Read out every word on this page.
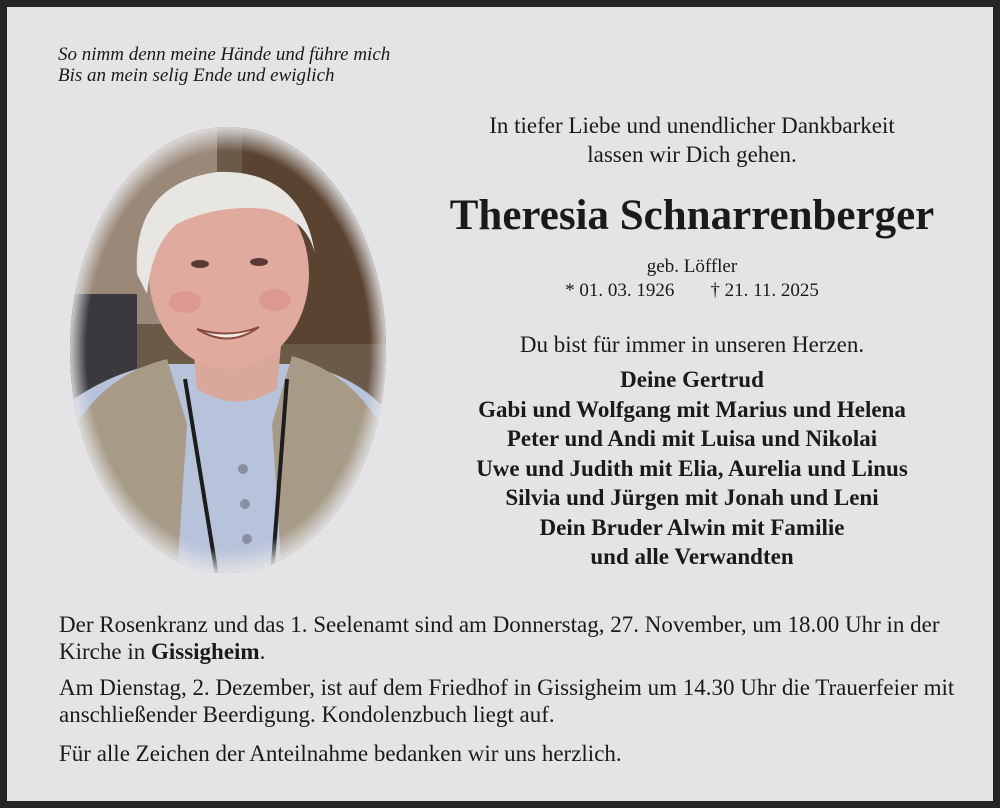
So nimm denn meine Hände und führe mich
Bis an mein selig Ende und ewiglich
In tiefer Liebe und unendlicher Dankbarkeit
lassen wir Dich gehen.
Theresia Schnarrenberger
geb. Löffler
* 01. 03. 1926 † 21. 11. 2025
Du bist für immer in unseren Herzen.
Deine Gertrud
Gabi und Wolfgang mit Marius und Helena
Peter und Andi mit Luisa und Nikolai
Uwe und Judith mit Elia, Aurelia und Linus
Silvia und Jürgen mit Jonah und Leni
Dein Bruder Alwin mit Familie
und alle Verwandten

Der Rosenkranz und das 1. Seelenamt sind am Donnerstag, 27. November, um 18.00 Uhr in der Kirche in Gissigheim.

Am Dienstag, 2. Dezember, ist auf dem Friedhof in Gissigheim um 14.30 Uhr die Trauerfeier mit anschließender Beerdigung. Kondolenzbuch liegt auf.

Für alle Zeichen der Anteilnahme bedanken wir uns herzlich.
